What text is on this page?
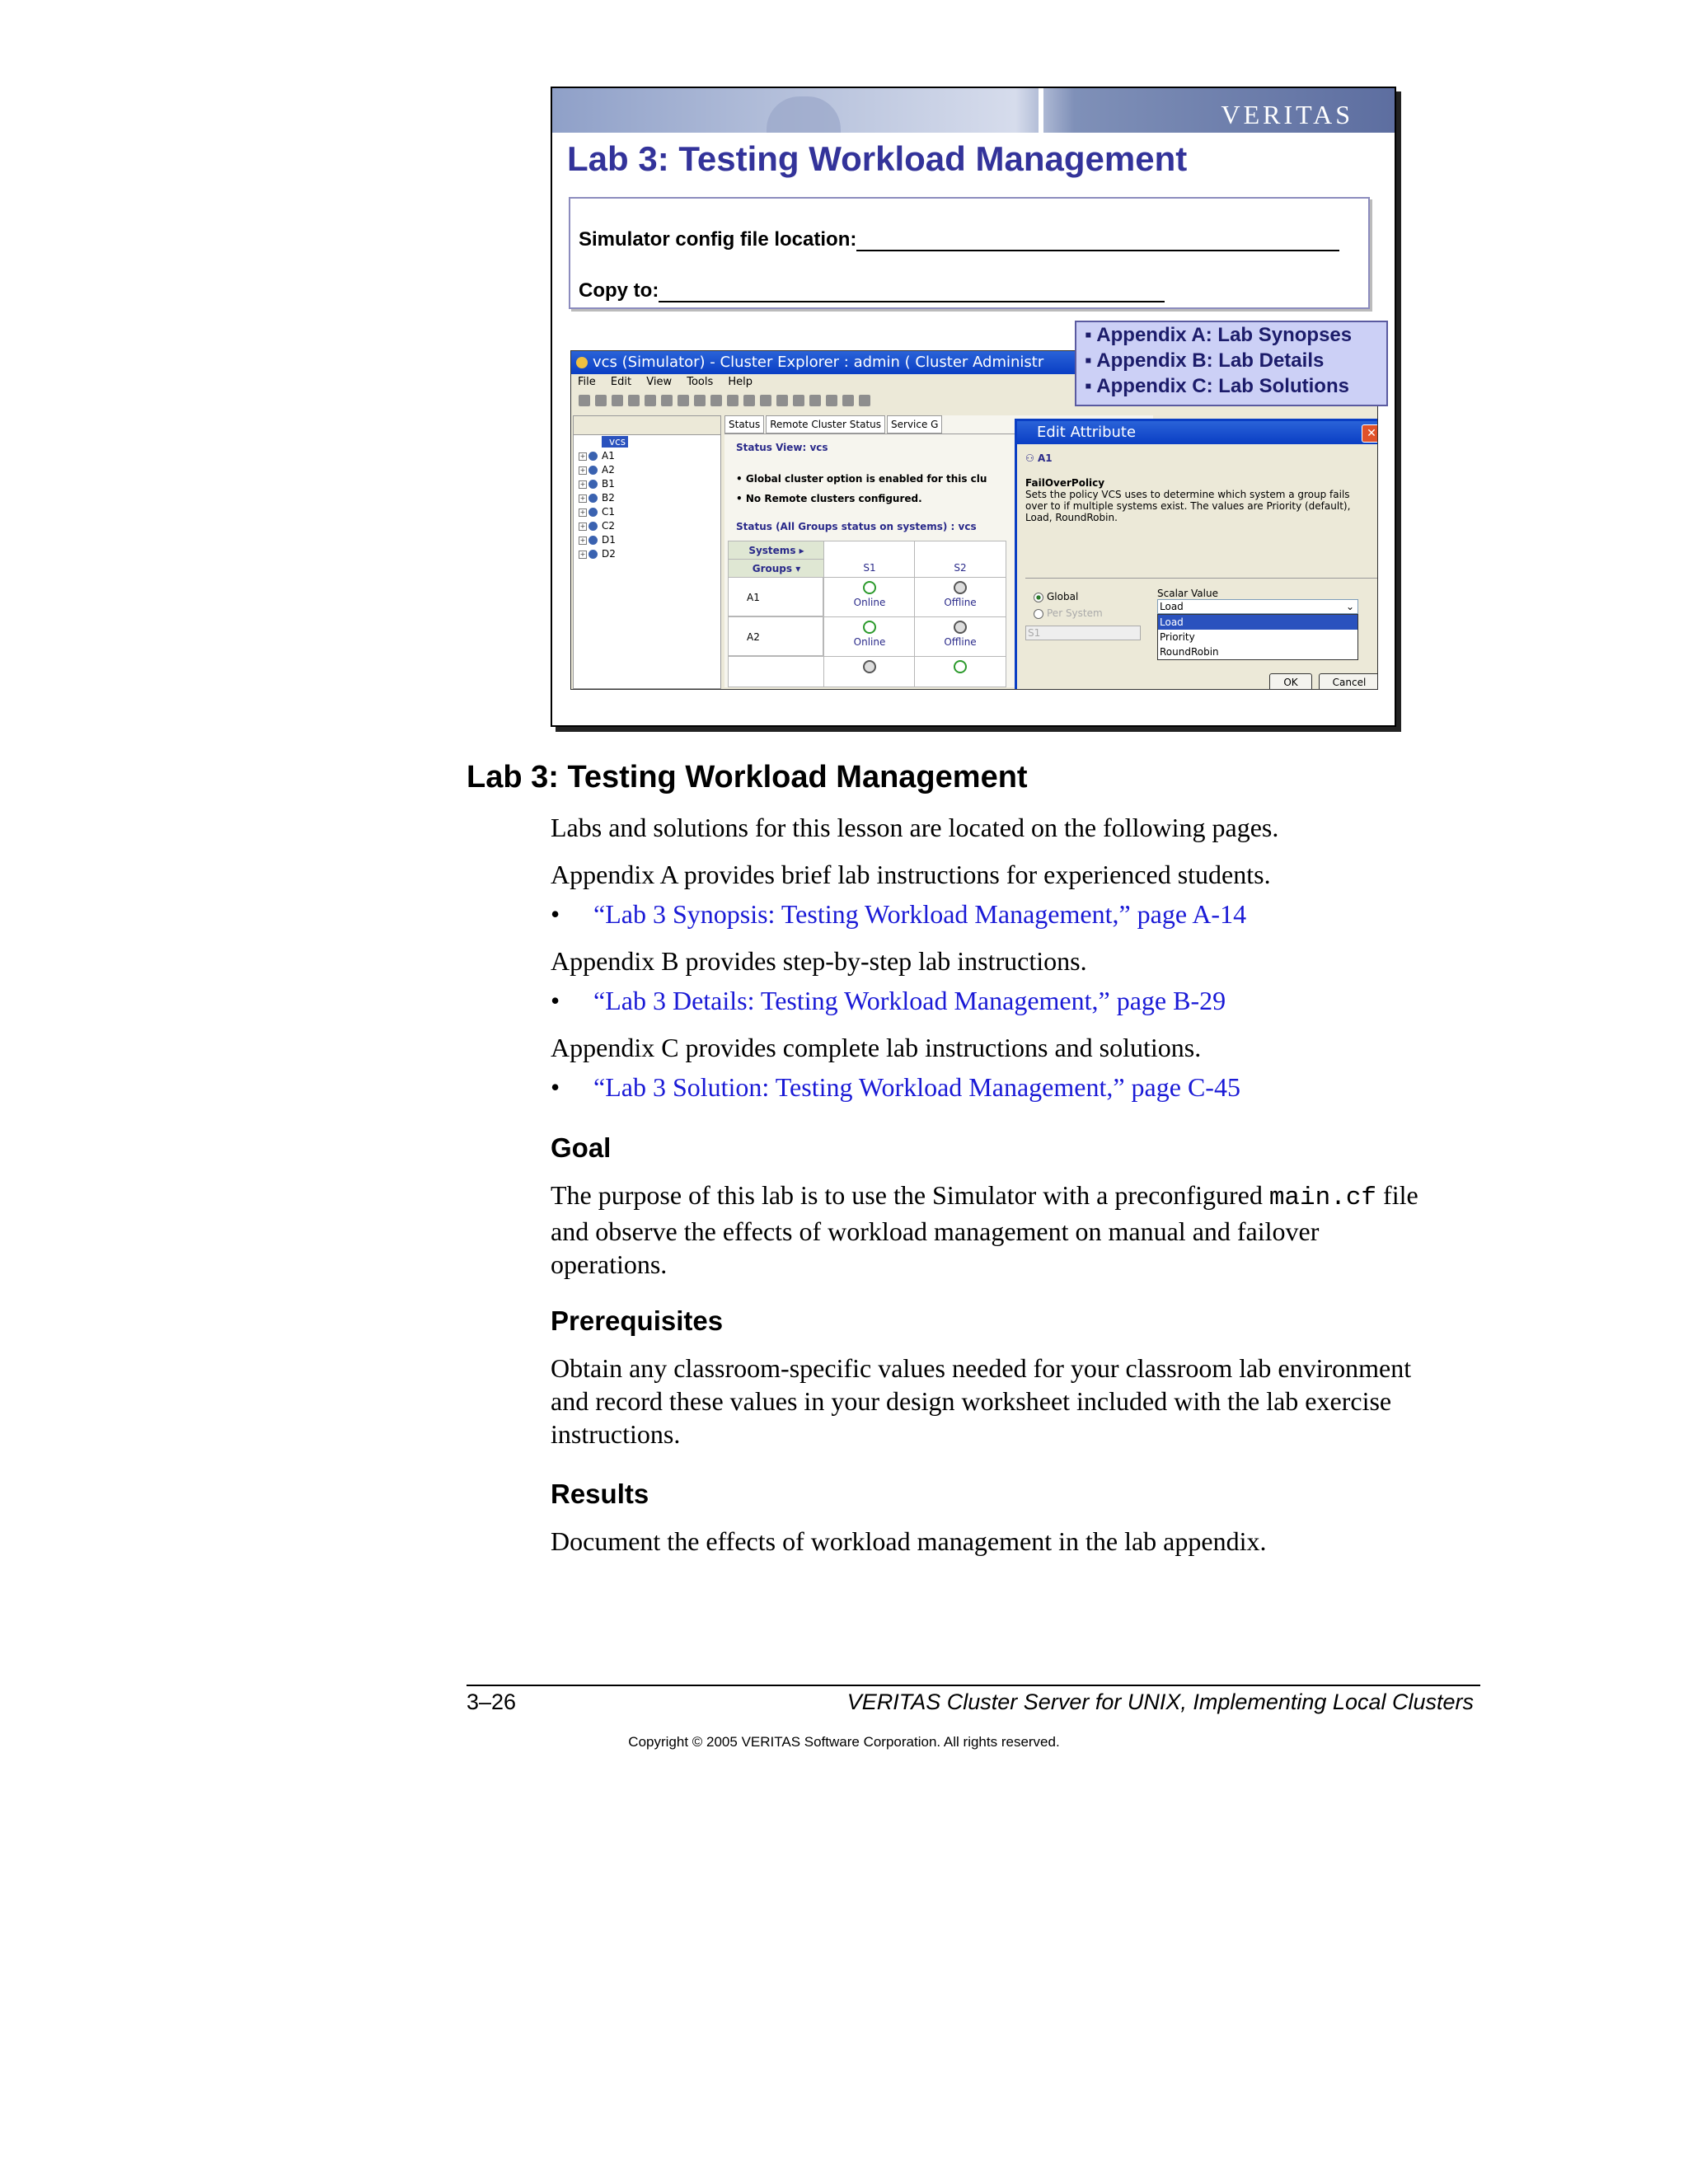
VERITAS
Lab 3: Testing Workload Management
Simulator config file location:
Copy to:
▪ Appendix A: Lab Synopses
▪ Appendix B: Lab Details
▪ Appendix C: Lab Solutions
vcs (Simulator) - Cluster Explorer : admin ( Cluster Administr
File Edit View Tools Help
vcs
+ A1
+ A2
+ B1
+ B2
+ C1
+ C2
+ D1
+ D2
Status Remote Cluster Status Service G
Status View: vcs
• Global cluster option is enabled for this clu
• No Remote clusters configured.
Status (All Groups status on systems) : vcs
Systems ▸
Groups ▾	S1	S2
A1	Online	Offline
A2	Online	Offline
Edit Attribute	✕
⚇ A1
FailOverPolicy
Sets the policy VCS uses to determine which system a group fails
over to if multiple systems exist. The values are Priority (default),
Load, RoundRobin.
Global
Per System
S1
Scalar Value
Load	⌄
Load
Priority
RoundRobin
OK	Cancel
Lab 3: Testing Workload Management
Labs and solutions for this lesson are located on the following pages.
Appendix A provides brief lab instructions for experienced students.
• “Lab 3 Synopsis: Testing Workload Management,” page A-14
Appendix B provides step-by-step lab instructions.
• “Lab 3 Details: Testing Workload Management,” page B-29
Appendix C provides complete lab instructions and solutions.
• “Lab 3 Solution: Testing Workload Management,” page C-45
Goal
The purpose of this lab is to use the Simulator with a preconfigured main.cf file
and observe the effects of workload management on manual and failover
operations.
Prerequisites
Obtain any classroom-specific values needed for your classroom lab environment
and record these values in your design worksheet included with the lab exercise
instructions.
Results
Document the effects of workload management in the lab appendix.
3–26	VERITAS Cluster Server for UNIX, Implementing Local Clusters
Copyright © 2005 VERITAS Software Corporation. All rights reserved.
